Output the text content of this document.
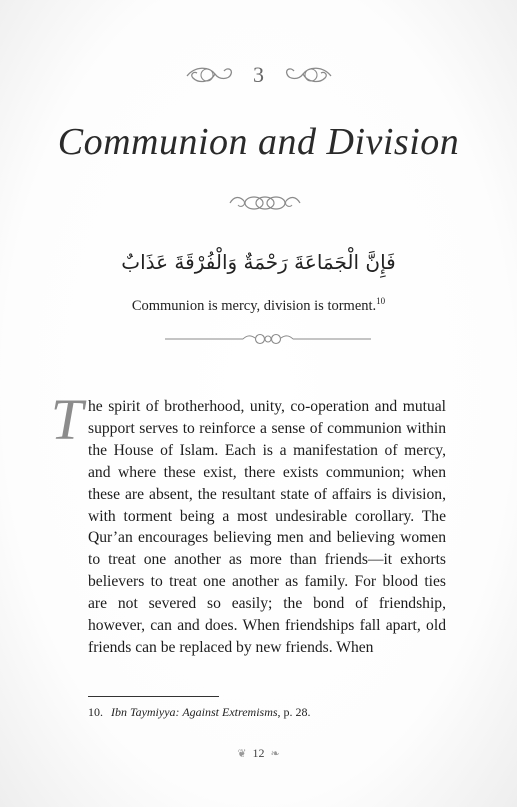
3
Communion and Division
فَإِنَّ الْجَمَاعَةَ رَحْمَةٌ وَالْفُرْقَةَ عَذَابٌ
Communion is mercy, division is torment.$^{10}$
The spirit of brotherhood, unity, co-operation and mutual support serves to reinforce a sense of communion within the House of Islam. Each is a manifestation of mercy, and where these exist, there exists communion; when these are absent, the resultant state of affairs is division, with torment being a most undesirable corollary. The Qur’an encourages believing men and believing women to treat one another as more than friends—it exhorts believers to treat one another as family. For blood ties are not severed so easily; the bond of friendship, however, can and does. When friendships fall apart, old friends can be replaced by new friends. When
10. Ibn Taymiyya: Against Extremisms, p. 28.
❦ 12 ❧
